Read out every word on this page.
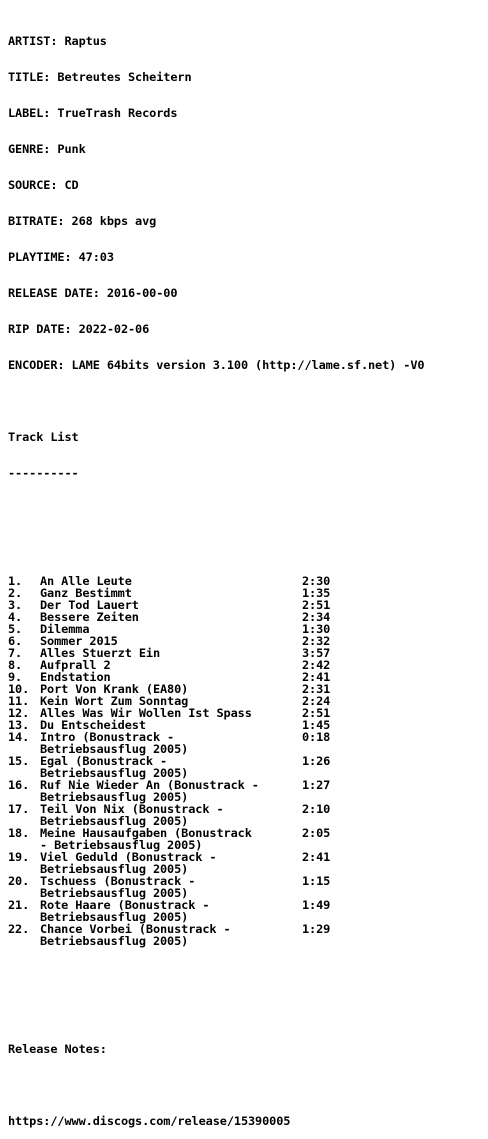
ARTIST: Raptus

TITLE: Betreutes Scheitern

LABEL: TrueTrash Records

GENRE: Punk

SOURCE: CD

BITRATE: 268 kbps avg

PLAYTIME: 47:03

RELEASE DATE: 2016-00-00

RIP DATE: 2022-02-06

ENCODER: LAME 64bits version 3.100 (http://lame.sf.net) -V0

Track List

----------

1. An Alle Leute	2:30
2. Ganz Bestimmt	1:35
3. Der Tod Lauert	2:51
4. Bessere Zeiten	2:34
5. Dilemma	1:30
6. Sommer 2015	2:32
7. Alles Stuerzt Ein	3:57
8. Aufprall 2	2:42
9. Endstation	2:41
10. Port Von Krank (EA80)	2:31
11. Kein Wort Zum Sonntag	2:24
12. Alles Was Wir Wollen Ist Spass	2:51
13. Du Entscheidest	1:45
14. Intro (Bonustrack -	0:18
Betriebsausflug 2005)
15. Egal (Bonustrack -	1:26
Betriebsausflug 2005)
16. Ruf Nie Wieder An (Bonustrack -	1:27
Betriebsausflug 2005)
17. Teil Von Nix (Bonustrack -	2:10
Betriebsausflug 2005)
18. Meine Hausaufgaben (Bonustrack	2:05
- Betriebsausflug 2005)
19. Viel Geduld (Bonustrack -	2:41
Betriebsausflug 2005)
20. Tschuess (Bonustrack -	1:15
Betriebsausflug 2005)
21. Rote Haare (Bonustrack -	1:49
Betriebsausflug 2005)
22. Chance Vorbei (Bonustrack -	1:29
Betriebsausflug 2005)

Release Notes:

https://www.discogs.com/release/15390005
